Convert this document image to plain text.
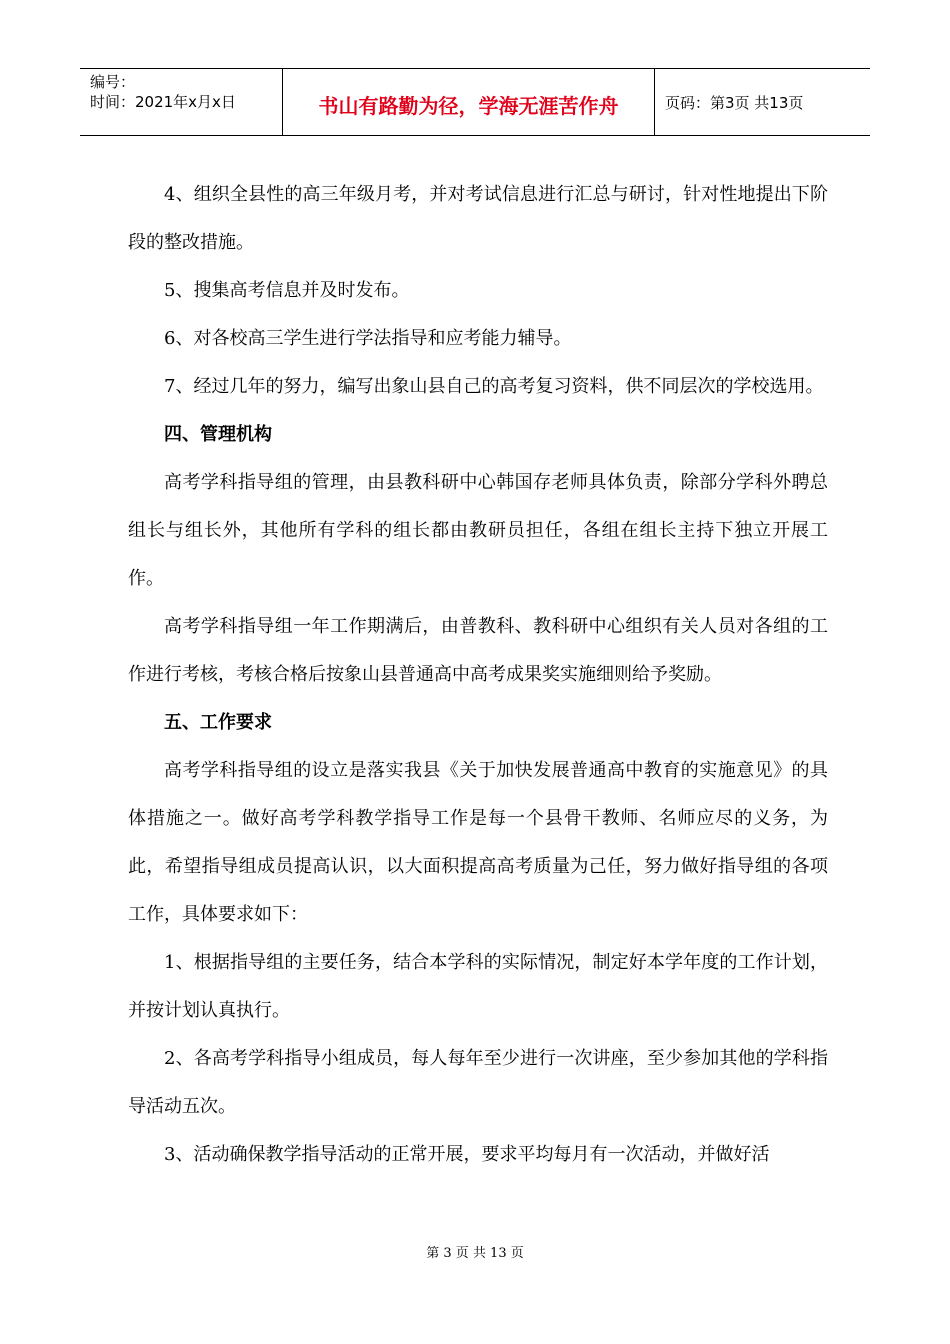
编号：
时间：2021年x月x日	书山有路勤为径，学海无涯苦作舟	页码：第3页 共13页

4、组织全县性的高三年级月考，并对考试信息进行汇总与研讨，针对性地提出下阶段的整改措施。

5、搜集高考信息并及时发布。

6、对各校高三学生进行学法指导和应考能力辅导。

7、经过几年的努力，编写出象山县自己的高考复习资料，供不同层次的学校选用。

四、管理机构

高考学科指导组的管理，由县教科研中心韩国存老师具体负责，除部分学科外聘总组长与组长外，其他所有学科的组长都由教研员担任，各组在组长主持下独立开展工作。

高考学科指导组一年工作期满后，由普教科、教科研中心组织有关人员对各组的工作进行考核，考核合格后按象山县普通高中高考成果奖实施细则给予奖励。

五、工作要求

高考学科指导组的设立是落实我县《关于加快发展普通高中教育的实施意见》的具体措施之一。做好高考学科教学指导工作是每一个县骨干教师、名师应尽的义务，为此，希望指导组成员提高认识，以大面积提高高考质量为己任，努力做好指导组的各项工作，具体要求如下：

1、根据指导组的主要任务，结合本学科的实际情况，制定好本学年度的工作计划，并按计划认真执行。

2、各高考学科指导小组成员，每人每年至少进行一次讲座，至少参加其他的学科指导活动五次。

3、活动确保教学指导活动的正常开展，要求平均每月有一次活动，并做好活

第 3 页 共 13 页
